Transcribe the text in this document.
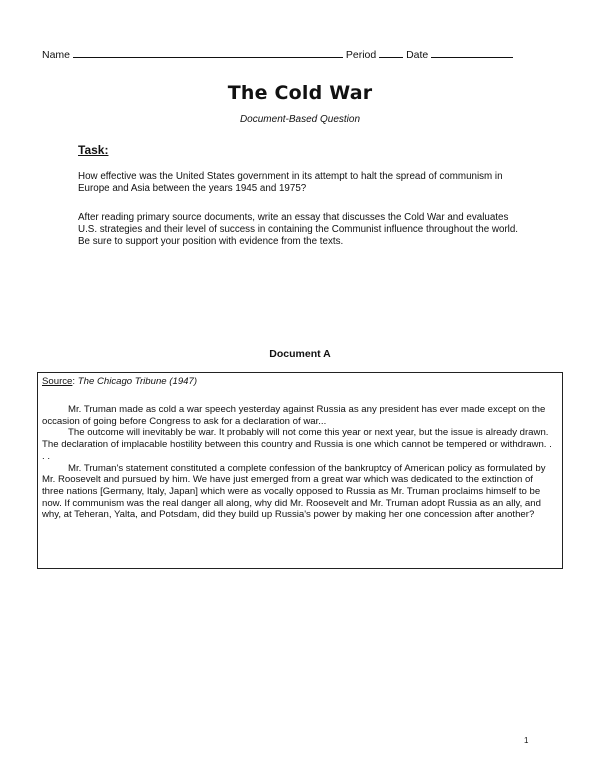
Name	Period	Date
The Cold War
Document-Based Question
Task:
How effective was the United States government in its attempt to halt the spread of communism in Europe and Asia between the years 1945 and 1975?
After reading primary source documents, write an essay that discusses the Cold War and evaluates U.S. strategies and their level of success in containing the Communist influence throughout the world. Be sure to support your position with evidence from the texts.
Document A
Source: The Chicago Tribune (1947)

Mr. Truman made as cold a war speech yesterday against Russia as any president has ever made except on the occasion of going before Congress to ask for a declaration of war...

The outcome will inevitably be war. It probably will not come this year or next year, but the issue is already drawn. The declaration of implacable hostility between this country and Russia is one which cannot be tempered or withdrawn. . . .

Mr. Truman's statement constituted a complete confession of the bankruptcy of American policy as formulated by Mr. Roosevelt and pursued by him. We have just emerged from a great war which was dedicated to the extinction of three nations [Germany, Italy, Japan] which were as vocally opposed to Russia as Mr. Truman proclaims himself to be now. If communism was the real danger all along, why did Mr. Roosevelt and Mr. Truman adopt Russia as an ally, and why, at Teheran, Yalta, and Potsdam, did they build up Russia's power by making her one concession after another?

1
